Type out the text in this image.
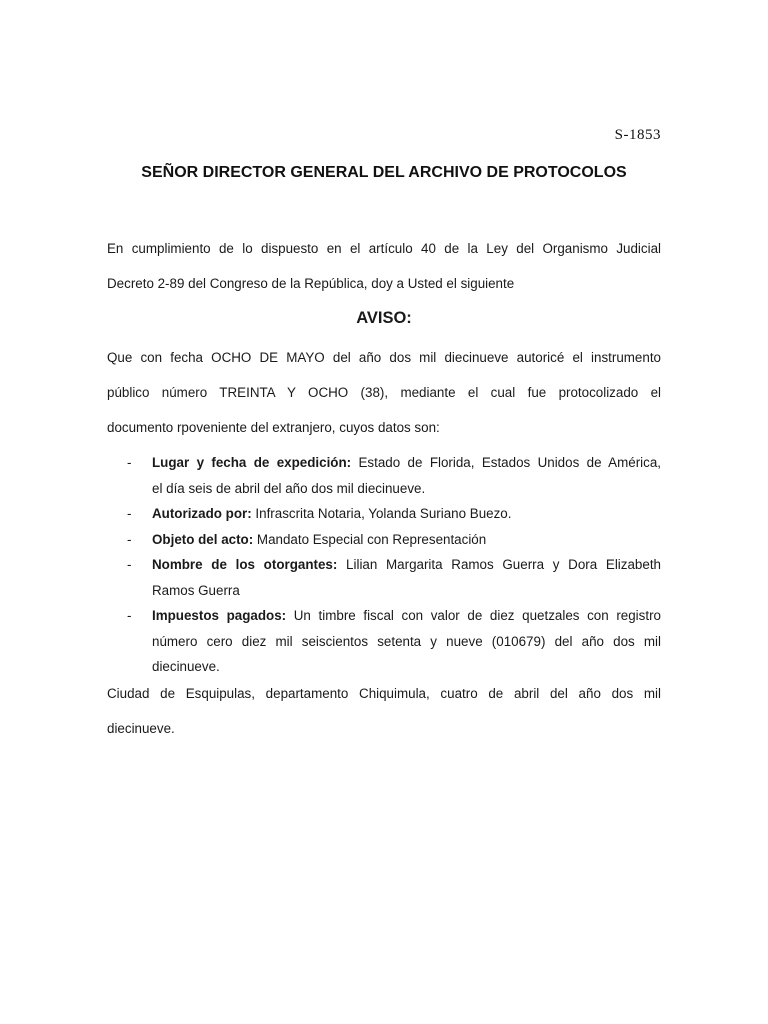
S-1853
SEÑOR DIRECTOR GENERAL DEL ARCHIVO DE PROTOCOLOS
En cumplimiento de lo dispuesto en el artículo 40 de la Ley del Organismo Judicial
Decreto 2-89 del Congreso de la República, doy a Usted el siguiente
AVISO:
Que con fecha OCHO DE MAYO del año dos mil diecinueve autoricé el instrumento
público número TREINTA Y OCHO (38), mediante el cual fue protocolizado el
documento rpoveniente del extranjero, cuyos datos son:
- Lugar y fecha de expedición: Estado de Florida, Estados Unidos de América,
el día seis de abril del año dos mil diecinueve.
- Autorizado por: Infrascrita Notaria, Yolanda Suriano Buezo.
- Objeto del acto: Mandato Especial con Representación
- Nombre de los otorgantes: Lilian Margarita Ramos Guerra y Dora Elizabeth
Ramos Guerra
- Impuestos pagados: Un timbre fiscal con valor de diez quetzales con registro
número cero diez mil seiscientos setenta y nueve (010679) del año dos mil
diecinueve.
Ciudad de Esquipulas, departamento Chiquimula, cuatro de abril del año dos mil
diecinueve.
